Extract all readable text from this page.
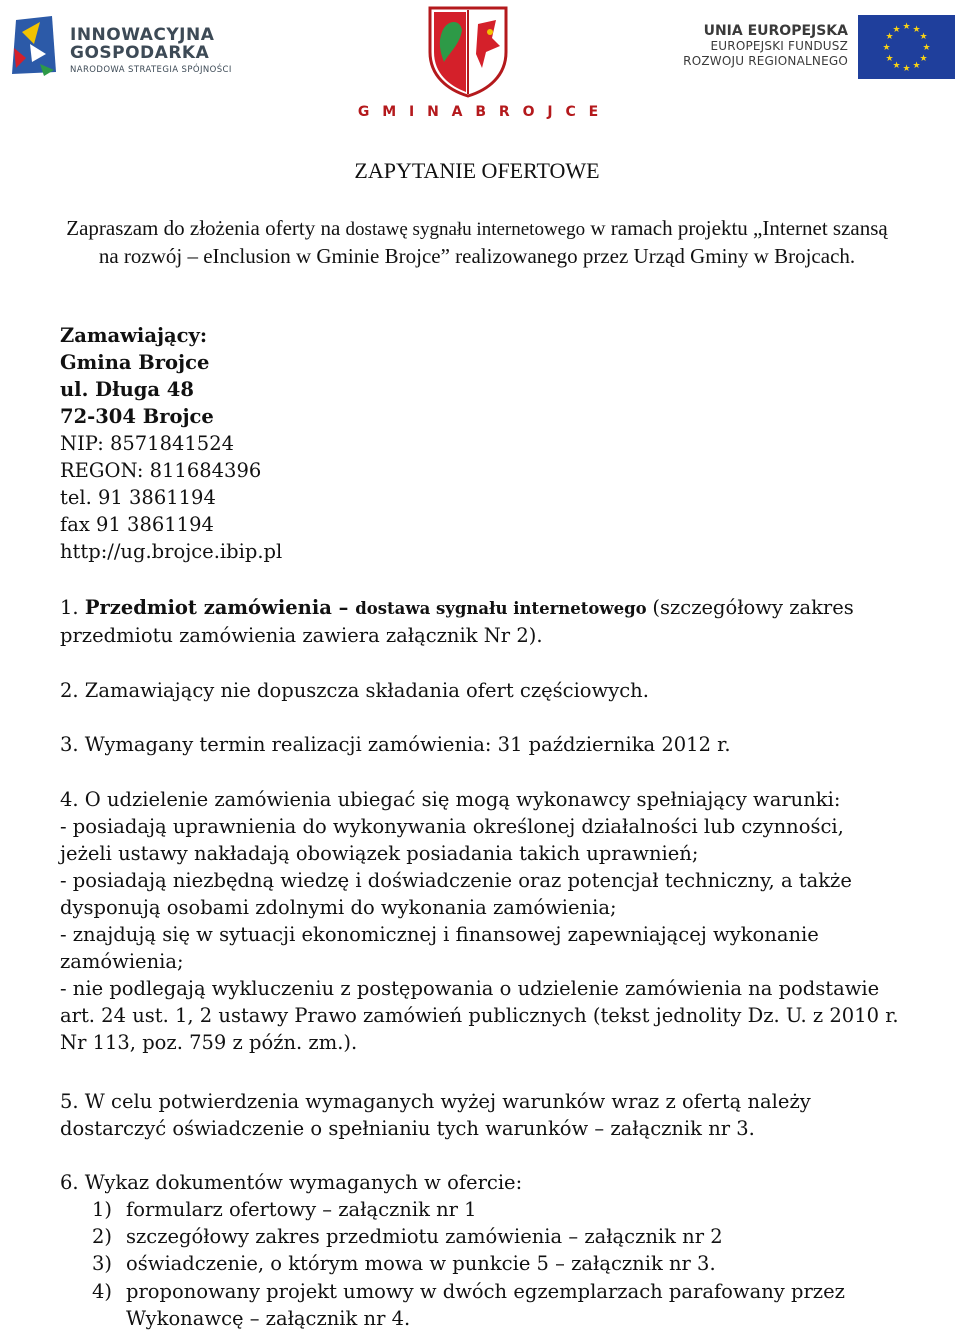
INNOWACYJNA
GOSPODARKA
NARODOWA STRATEGIA SPÓJNOŚCI
G M I N A B R O J C E
UNIA EUROPEJSKA
EUROPEJSKI FUNDUSZ
ROZWOJU REGIONALNEGO
★ ★
★
★
★
★
★
★
★
★
★
★
ZAPYTANIE OFERTOWE
Zapraszam do złożenia oferty na dostawę sygnału internetowego w ramach projektu „Internet szansą na rozwój – eInclusion w Gminie Brojce” realizowanego przez Urząd Gminy w Brojcach.

Zamawiający:

Gmina Brojce

ul. Długa 48

72-304 Brojce

NIP: 8571841524

REGON: 811684396

tel. 91 3861194

fax 91 3861194

http://ug.brojce.ibip.pl

1. Przedmiot zamówienia – dostawa sygnału internetowego (szczegółowy zakres przedmiotu zamówienia zawiera załącznik Nr 2).

2. Zamawiający nie dopuszcza składania ofert częściowych.
3. Wymagany termin realizacji zamówienia: 31 października 2012 r.

4. O udzielenie zamówienia ubiegać się mogą wykonawcy spełniający warunki:

- posiadają uprawnienia do wykonywania określonej działalności lub czynności, jeżeli ustawy nakładają obowiązek posiadania takich uprawnień;

- posiadają niezbędną wiedzę i doświadczenie oraz potencjał techniczny, a także dysponują osobami zdolnymi do wykonania zamówienia;

- znajdują się w sytuacji ekonomicznej i finansowej zapewniającej wykonanie zamówienia;

- nie podlegają wykluczeniu z postępowania o udzielenie zamówienia na podstawie art. 24 ust. 1, 2 ustawy Prawo zamówień publicznych (tekst jednolity Dz. U. z 2010 r. Nr 113, poz. 759 z późn. zm.).

5. W celu potwierdzenia wymaganych wyżej warunków wraz z ofertą należy dostarczyć oświadczenie o spełnianiu tych warunków – załącznik nr 3.
6. Wykaz dokumentów wymaganych w ofercie:
1) formularz ofertowy – załącznik nr 1
2) szczegółowy zakres przedmiotu zamówienia – załącznik nr 2
3) oświadczenie, o którym mowa w punkcie 5 – załącznik nr 3.
4) proponowany projekt umowy w dwóch egzemplarzach parafowany przez Wykonawcę – załącznik nr 4.
